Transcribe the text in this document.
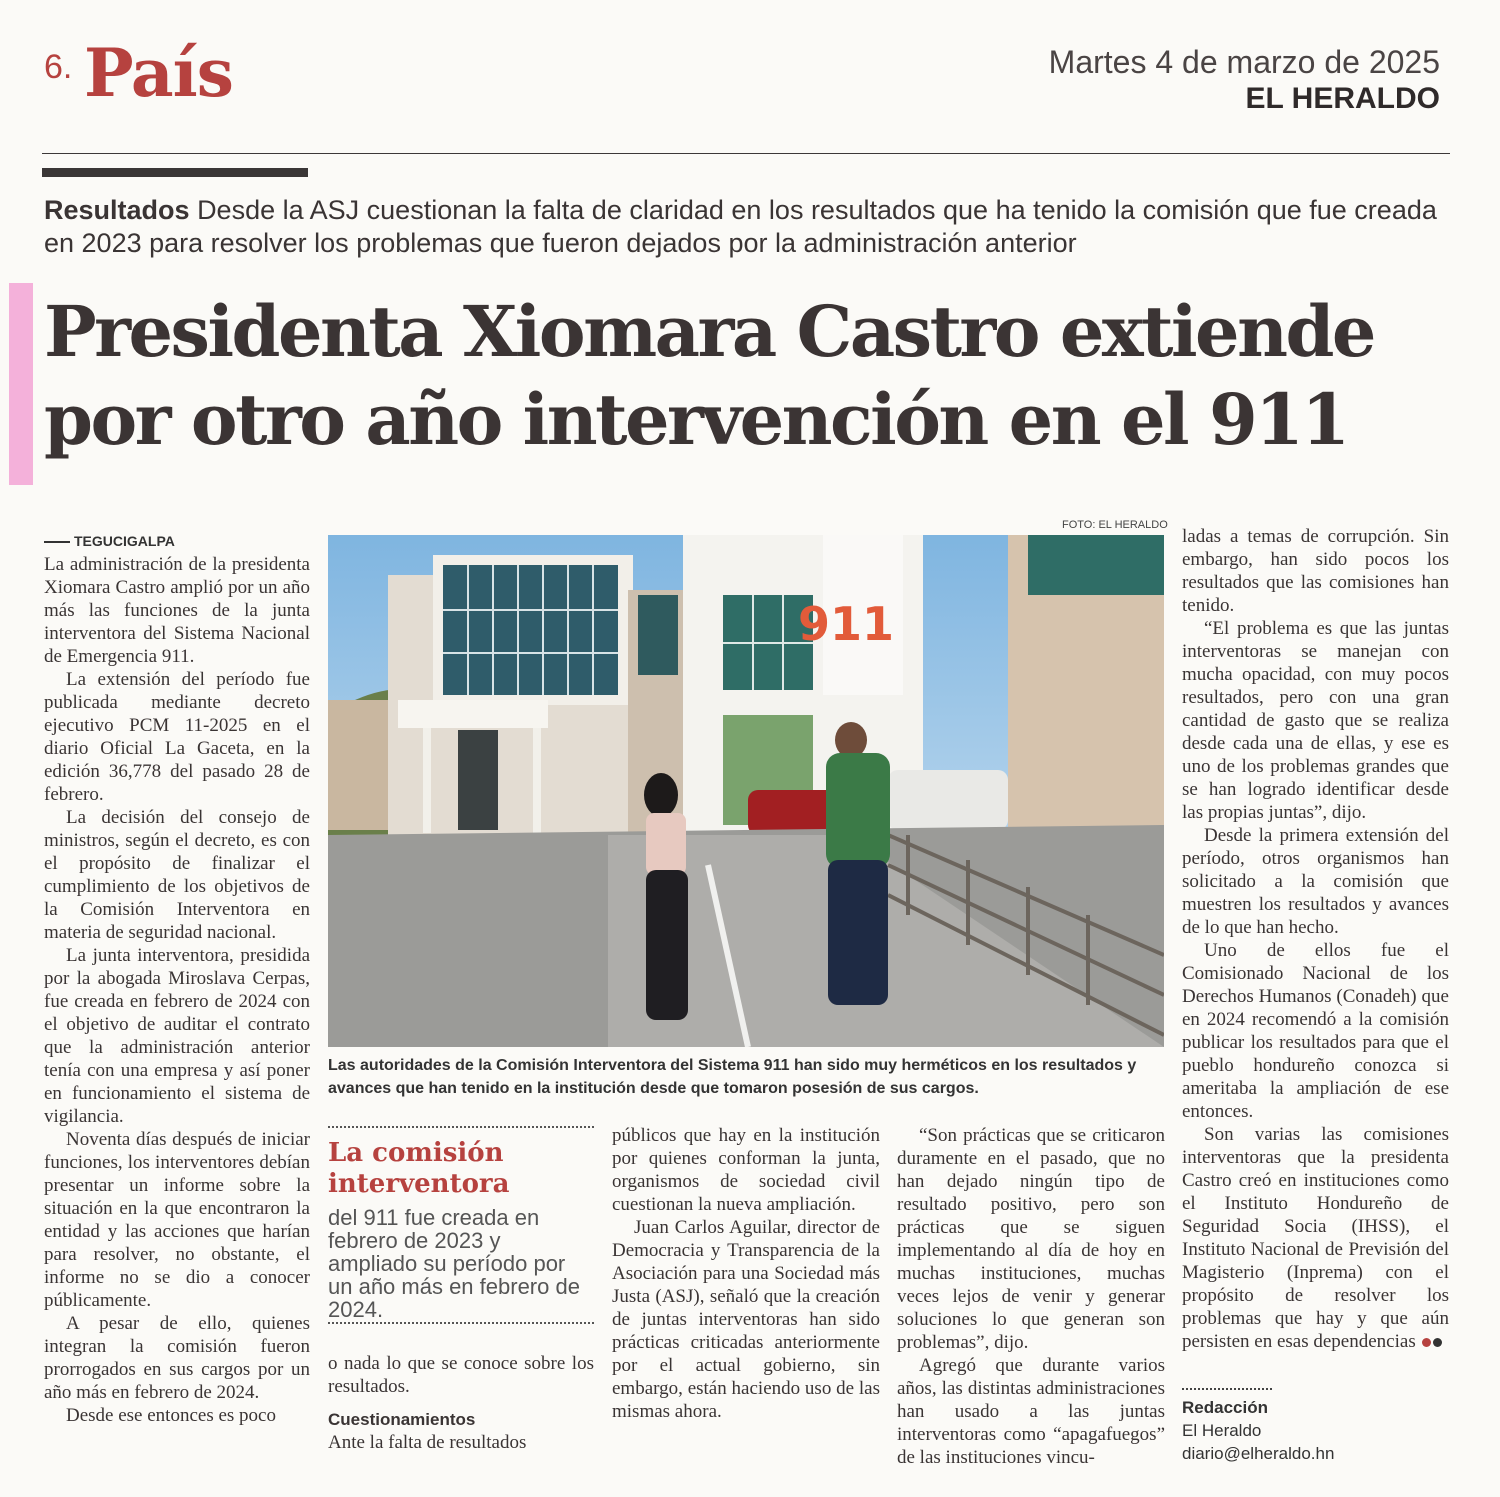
6. País	Martes 4 de marzo de 2025
EL HERALDO
Resultados Desde la ASJ cuestionan la falta de claridad en los resultados que ha tenido la comisión que fue creada en 2023 para resolver los problemas que fueron dejados por la administración anterior
Presidenta Xiomara Castro extiende
por otro año intervención en el 911

TEGUCIGALPA

La administración de la presidenta Xiomara Castro amplió por un año más las funciones de la junta interventora del Sistema Nacional de Emergencia 911.

La extensión del período fue publicada mediante decreto ejecutivo PCM 11-2025 en el diario Oficial La Gaceta, en la edición 36,778 del pasado 28 de febrero.

La decisión del consejo de ministros, según el decreto, es con el propósito de finalizar el cumplimiento de los objetivos de la Comisión Interventora en materia de seguridad nacional.

La junta interventora, presidida por la abogada Miroslava Cerpas, fue creada en febrero de 2024 con el objetivo de auditar el contrato que la administración anterior tenía con una empresa y así poner en funcionamiento el sistema de vigilancia.

Noventa días después de iniciar funciones, los interventores debían presentar un informe sobre la situación en la que encontraron la entidad y las acciones que harían para resolver, no obstante, el informe no se dio a conocer públicamente.

A pesar de ello, quienes integran la comisión fueron prorrogados en sus cargos por un año más en febrero de 2024.

Desde ese entonces es poco

FOTO: EL HERALDO
911
Las autoridades de la Comisión Interventora del Sistema 911 han sido muy herméticos en los resultados y avances que han tenido en la institución desde que tomaron posesión de sus cargos.
La comisión interventora
del 911 fue creada en febrero de 2023 y ampliado su período por un año más en febrero de 2024.

o nada lo que se conoce sobre los resultados.

Cuestionamientos

Ante la falta de resultados

públicos que hay en la institución por quienes conforman la junta, organismos de sociedad civil cuestionan la nueva ampliación.

Juan Carlos Aguilar, director de Democracia y Transparencia de la Asociación para una Sociedad más Justa (ASJ), señaló que la creación de juntas interventoras han sido prácticas criticadas anteriormente por el actual gobierno, sin embargo, están haciendo uso de las mismas ahora.

“Son prácticas que se criticaron duramente en el pasado, que no han dejado ningún tipo de resultado positivo, pero son prácticas que se siguen implementando al día de hoy en muchas instituciones, muchas veces lejos de venir y generar soluciones lo que generan son problemas”, dijo.

Agregó que durante varios años, las distintas administraciones han usado a las juntas interventoras como “apagafuegos” de las instituciones vincu-

ladas a temas de corrupción. Sin embargo, han sido pocos los resultados que las comisiones han tenido.

“El problema es que las juntas interventoras se manejan con mucha opacidad, con muy pocos resultados, pero con una gran cantidad de gasto que se realiza desde cada una de ellas, y ese es uno de los problemas grandes que se han logrado identificar desde las propias juntas”, dijo.

Desde la primera extensión del período, otros organismos han solicitado a la comisión que muestren los resultados y avances de lo que han hecho.

Uno de ellos fue el Comisionado Nacional de los Derechos Humanos (Conadeh) que en 2024 recomendó a la comisión publicar los resultados para que el pueblo hondureño conozca si ameritaba la ampliación de ese entonces.

Son varias las comisiones interventoras que la presidenta Castro creó en instituciones como el Instituto Hondureño de Seguridad Socia (IHSS), el Instituto Nacional de Previsión del Magisterio (Inprema) con el propósito de resolver los problemas que hay y que aún persisten en esas dependencias

Redacción
El Heraldo
diario@elheraldo.hn
